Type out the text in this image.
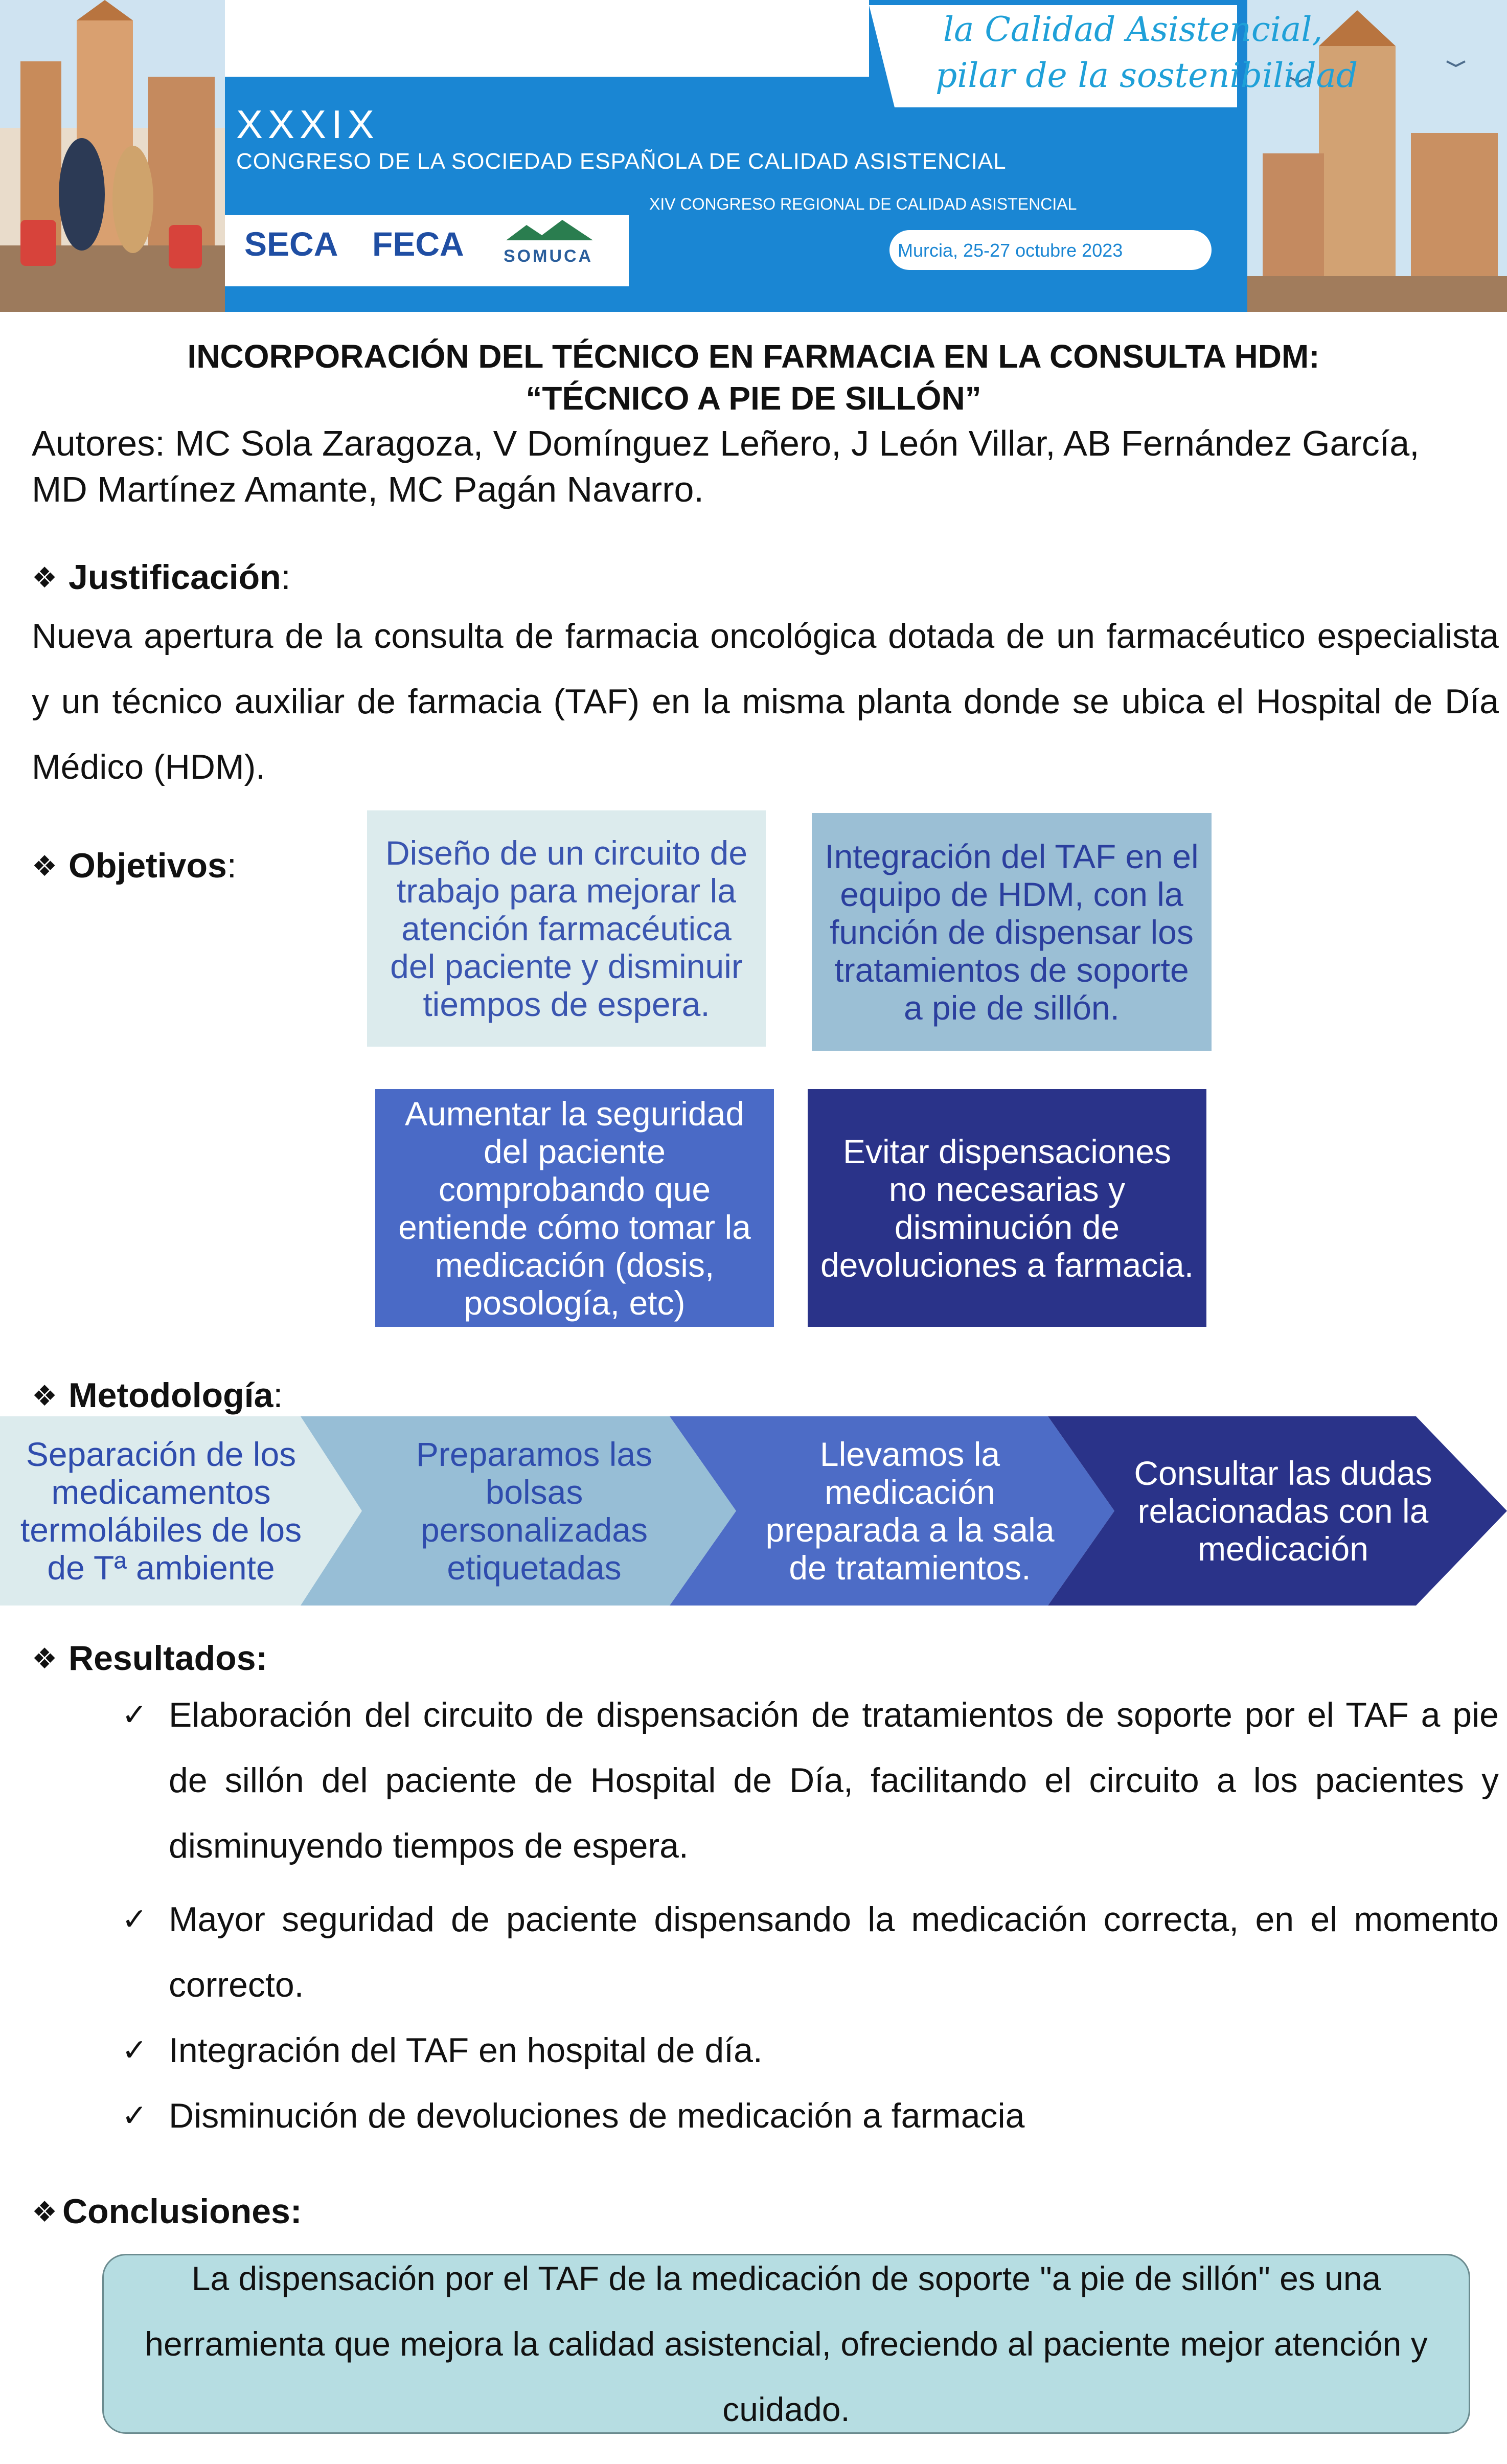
la Calidad Asistencial,
pilar de la sostenibilidad
XXXIX
CONGRESO DE LA SOCIEDAD ESPAÑOLA DE CALIDAD ASISTENCIAL
XIV CONGRESO REGIONAL DE CALIDAD ASISTENCIAL
Murcia, 25-27 octubre 2023
SECA FECA SOMUCA
INCORPORACIÓN DEL TÉCNICO EN FARMACIA EN LA CONSULTA HDM:
“TÉCNICO A PIE DE SILLÓN”
Autores: MC Sola Zaragoza, V Domínguez Leñero, J León Villar, AB Fernández García, MD Martínez Amante, MC Pagán Navarro.
❖ Justificación:
Nueva apertura de la consulta de farmacia oncológica dotada de un farmacéutico especialista y un técnico auxiliar de farmacia (TAF) en la misma planta donde se ubica el Hospital de Día Médico (HDM).
❖ Objetivos:	Diseño de un circuito de trabajo para mejorar la atención farmacéutica del paciente y disminuir tiempos de espera.
Integración del TAF en el equipo de HDM, con la función de dispensar los tratamientos de soporte a pie de sillón.
Aumentar la seguridad del paciente comprobando que entiende cómo tomar la medicación (dosis, posología, etc)
Evitar dispensaciones no necesarias y disminución de devoluciones a farmacia.
❖ Metodología:
Separación de los medicamentos termolábiles de los de Tª ambiente
Preparamos las bolsas personalizadas etiquetadas
Llevamos la medicación preparada a la sala de tratamientos.
Consultar las dudas relacionadas con la medicación
❖ Resultados:
✓ Elaboración del circuito de dispensación de tratamientos de soporte por el TAF a pie de sillón del paciente de Hospital de Día, facilitando el circuito a los pacientes y disminuyendo tiempos de espera.
✓ Mayor seguridad de paciente dispensando la medicación correcta, en el momento correcto.
✓ Integración del TAF en hospital de día.
✓ Disminución de devoluciones de medicación a farmacia
❖ Conclusiones:
La dispensación por el TAF de la medicación de soporte "a pie de sillón" es una herramienta que mejora la calidad asistencial, ofreciendo al paciente mejor atención y cuidado.
